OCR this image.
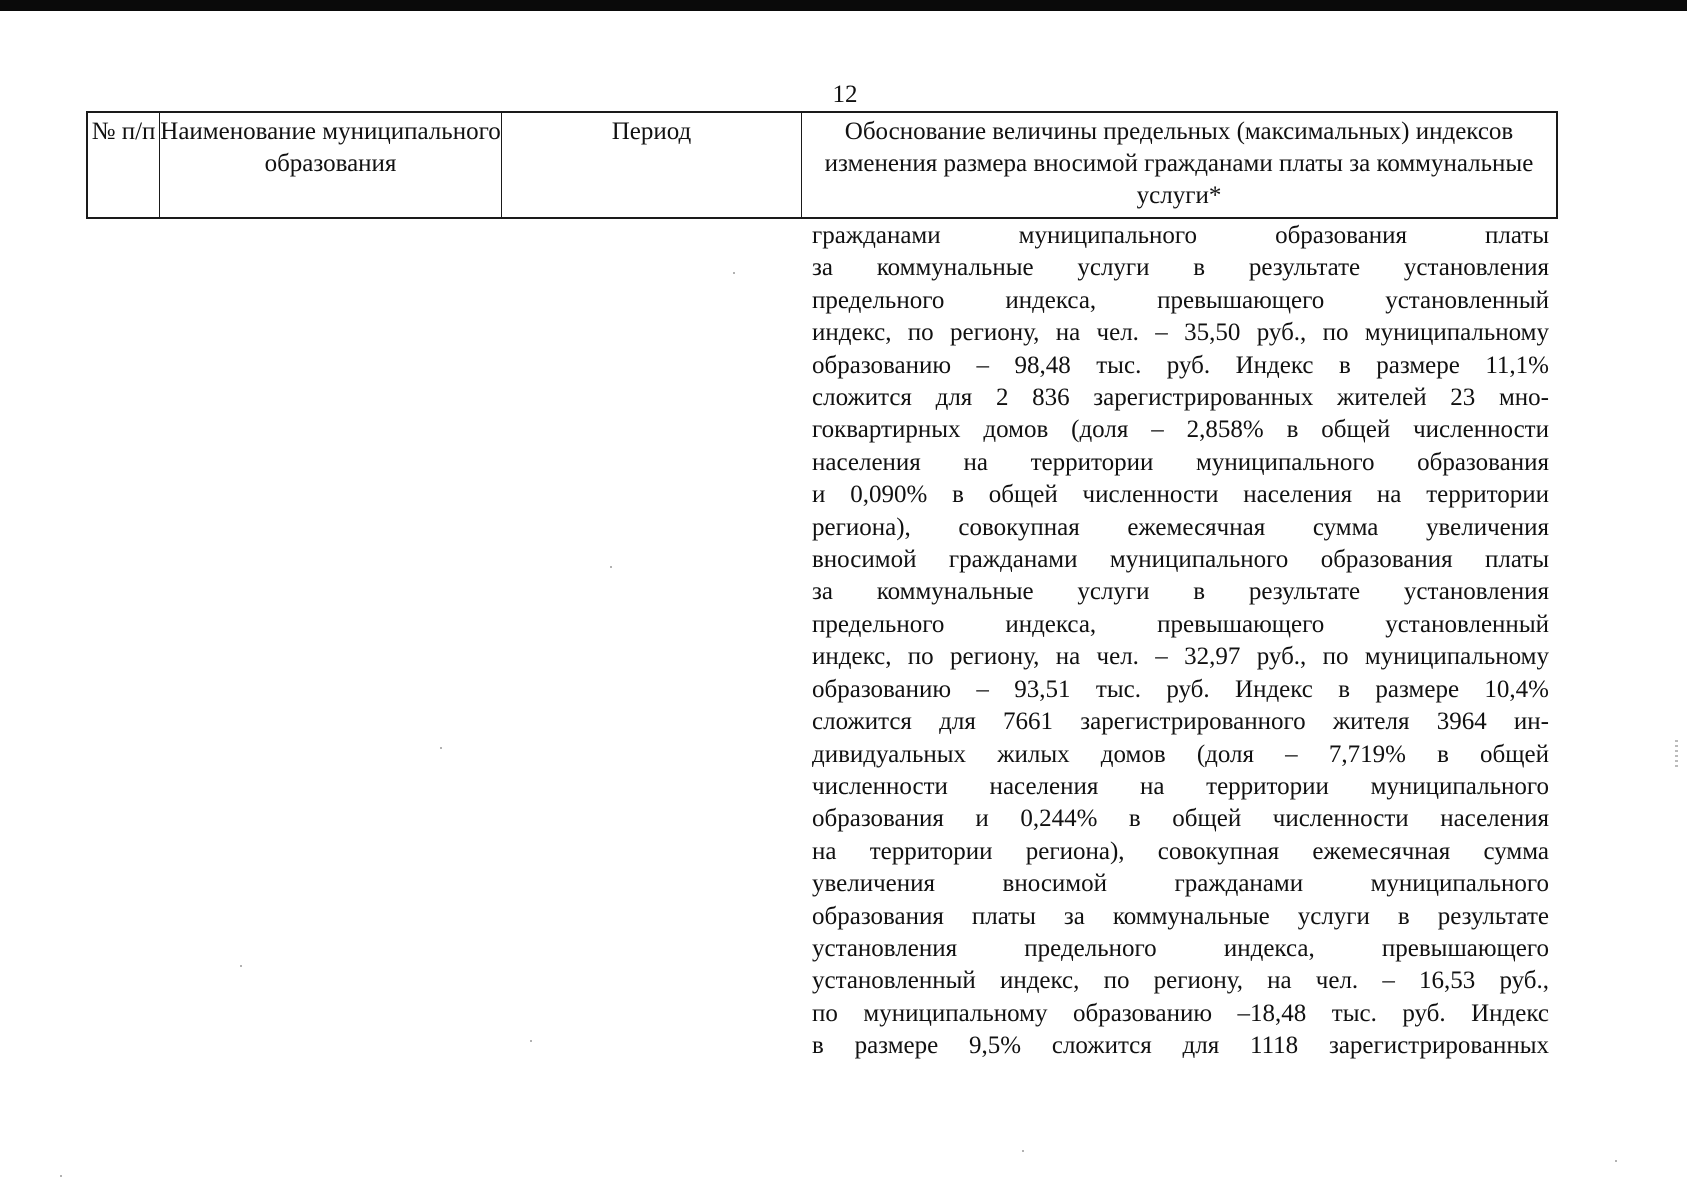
12
№ п/п Наименование муниципального образования
Период	Обоснование величины предельных (максимальных) индексов изменения размера вносимой гражданами платы за коммунальные услуги*
гражданами муниципального образования платы
за коммунальные услуги в результате установления
предельного индекса, превышающего установленный
индекс, по региону, на чел. – 35,50 руб., по муниципальному
образованию – 98,48 тыс. руб. Индекс в размере 11,1%
сложится для 2 836 зарегистрированных жителей 23 мно-
гоквартирных домов (доля – 2,858% в общей численности
населения на территории муниципального образования
и 0,090% в общей численности населения на территории
региона), совокупная ежемесячная сумма увеличения
вносимой гражданами муниципального образования платы
за коммунальные услуги в результате установления
предельного индекса, превышающего установленный
индекс, по региону, на чел. – 32,97 руб., по муниципальному
образованию – 93,51 тыс. руб. Индекс в размере 10,4%
сложится для 7661 зарегистрированного жителя 3964 ин-
дивидуальных жилых домов (доля – 7,719% в общей
численности населения на территории муниципального
образования и 0,244% в общей численности населения
на территории региона), совокупная ежемесячная сумма
увеличения вносимой гражданами муниципального
образования платы за коммунальные услуги в результате
установления предельного индекса, превышающего
установленный индекс, по региону, на чел. – 16,53 руб.,
по муниципальному образованию –18,48 тыс. руб. Индекс
в размере 9,5% сложится для 1118 зарегистрированных
